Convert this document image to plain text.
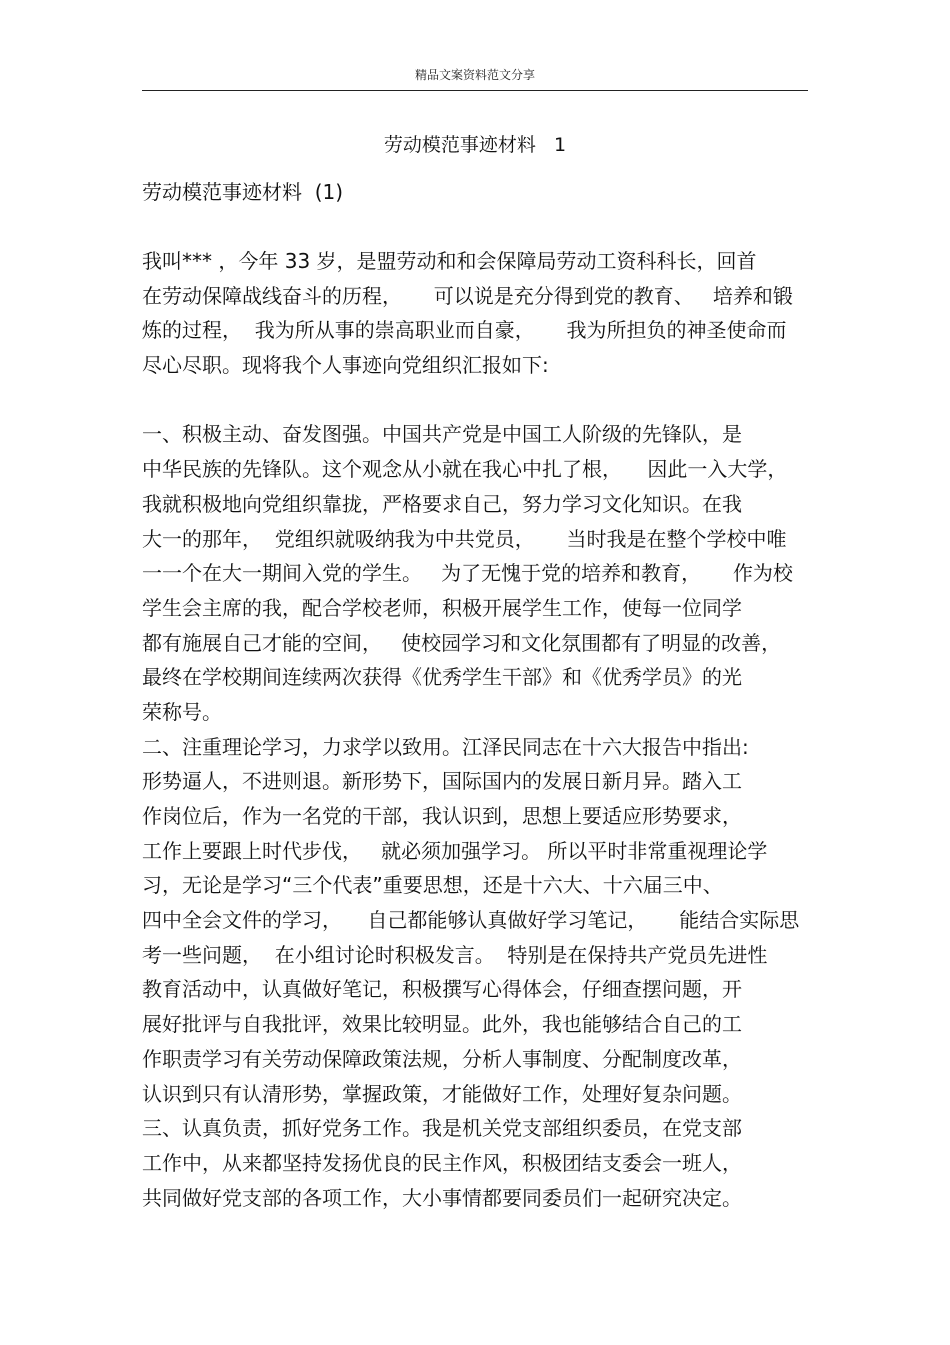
精品文案资料范文分享
劳动模范事迹材料   1
劳动模范事迹材料  (1)
我叫*** ，今年 33 岁，是盟劳动和和会保障局劳动工资科科长，回首
在劳动保障战线奋斗的历程，     可以说是充分得到党的教育、   培养和锻
炼的过程，  我为所从事的崇高职业而自豪，     我为所担负的神圣使命而
尽心尽职。现将我个人事迹向党组织汇报如下:
一、积极主动、奋发图强。中国共产党是中国工人阶级的先锋队，是
中华民族的先锋队。这个观念从小就在我心中扎了根，    因此一入大学，
我就积极地向党组织靠拢，严格要求自己，努力学习文化知识。在我
大一的那年，  党组织就吸纳我为中共党员，     当时我是在整个学校中唯
一一个在大一期间入党的学生。   为了无愧于党的培养和教育，     作为校
学生会主席的我，配合学校老师，积极开展学生工作，使每一位同学
都有施展自己才能的空间，   使校园学习和文化氛围都有了明显的改善，
最终在学校期间连续两次获得《优秀学生干部》和《优秀学员》的光
荣称号。
二、注重理论学习，力求学以致用。江泽民同志在十六大报告中指出:
形势逼人，不进则退。新形势下，国际国内的发展日新月异。踏入工
作岗位后，作为一名党的干部，我认识到，思想上要适应形势要求，
工作上要跟上时代步伐，   就必须加强学习。 所以平时非常重视理论学
习，无论是学习“三个代表”重要思想，还是十六大、十六届三中、
四中全会文件的学习，    自己都能够认真做好学习笔记，     能结合实际思
考一些问题，  在小组讨论时积极发言。  特别是在保持共产党员先进性
教育活动中，认真做好笔记，积极撰写心得体会，仔细查摆问题，开
展好批评与自我批评，效果比较明显。此外，我也能够结合自己的工
作职责学习有关劳动保障政策法规，分析人事制度、分配制度改革，
认识到只有认清形势，掌握政策，才能做好工作，处理好复杂问题。
三、认真负责，抓好党务工作。我是机关党支部组织委员，在党支部
工作中，从来都坚持发扬优良的民主作风，积极团结支委会一班人，
共同做好党支部的各项工作，大小事情都要同委员们一起研究决定。
